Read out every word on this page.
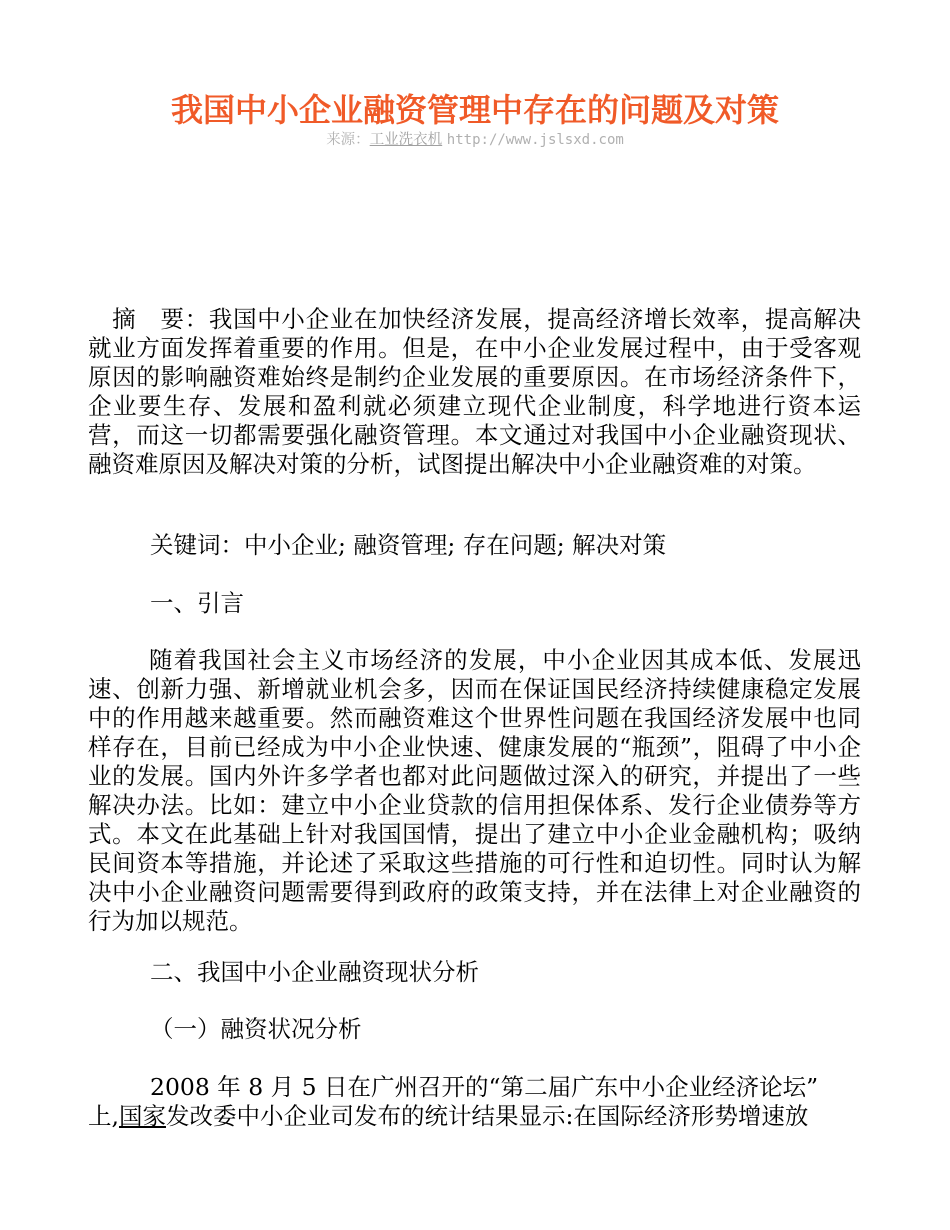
我国中小企业融资管理中存在的问题及对策
来源：工业洗衣机 http://www.jslsxd.com

　摘　要：我国中小企业在加快经济发展，提高经济增长效率，提高解决就业方面发挥着重要的作用。但是，在中小企业发展过程中，由于受客观原因的影响融资难始终是制约企业发展的重要原因。在市场经济条件下，企业要生存、发展和盈利就必须建立现代企业制度，科学地进行资本运营，而这一切都需要强化融资管理。本文通过对我国中小企业融资现状、融资难原因及解决对策的分析，试图提出解决中小企业融资难的对策。

关键词：中小企业; 融资管理; 存在问题; 解决对策

一、引言

随着我国社会主义市场经济的发展，中小企业因其成本低、发展迅速、创新力强、新增就业机会多，因而在保证国民经济持续健康稳定发展中的作用越来越重要。然而融资难这个世界性问题在我国经济发展中也同样存在，目前已经成为中小企业快速、健康发展的“瓶颈”，阻碍了中小企业的发展。国内外许多学者也都对此问题做过深入的研究，并提出了一些解决办法。比如：建立中小企业贷款的信用担保体系、发行企业债券等方式。本文在此基础上针对我国国情，提出了建立中小企业金融机构；吸纳民间资本等措施，并论述了采取这些措施的可行性和迫切性。同时认为解决中小企业融资问题需要得到政府的政策支持，并在法律上对企业融资的行为加以规范。

二、我国中小企业融资现状分析

（一）融资状况分析

2008 年 8 月 5 日在广州召开的“第二届广东中小企业经济论坛”

上,国家发改委中小企业司发布的统计结果显示:在国际经济形势增速放
